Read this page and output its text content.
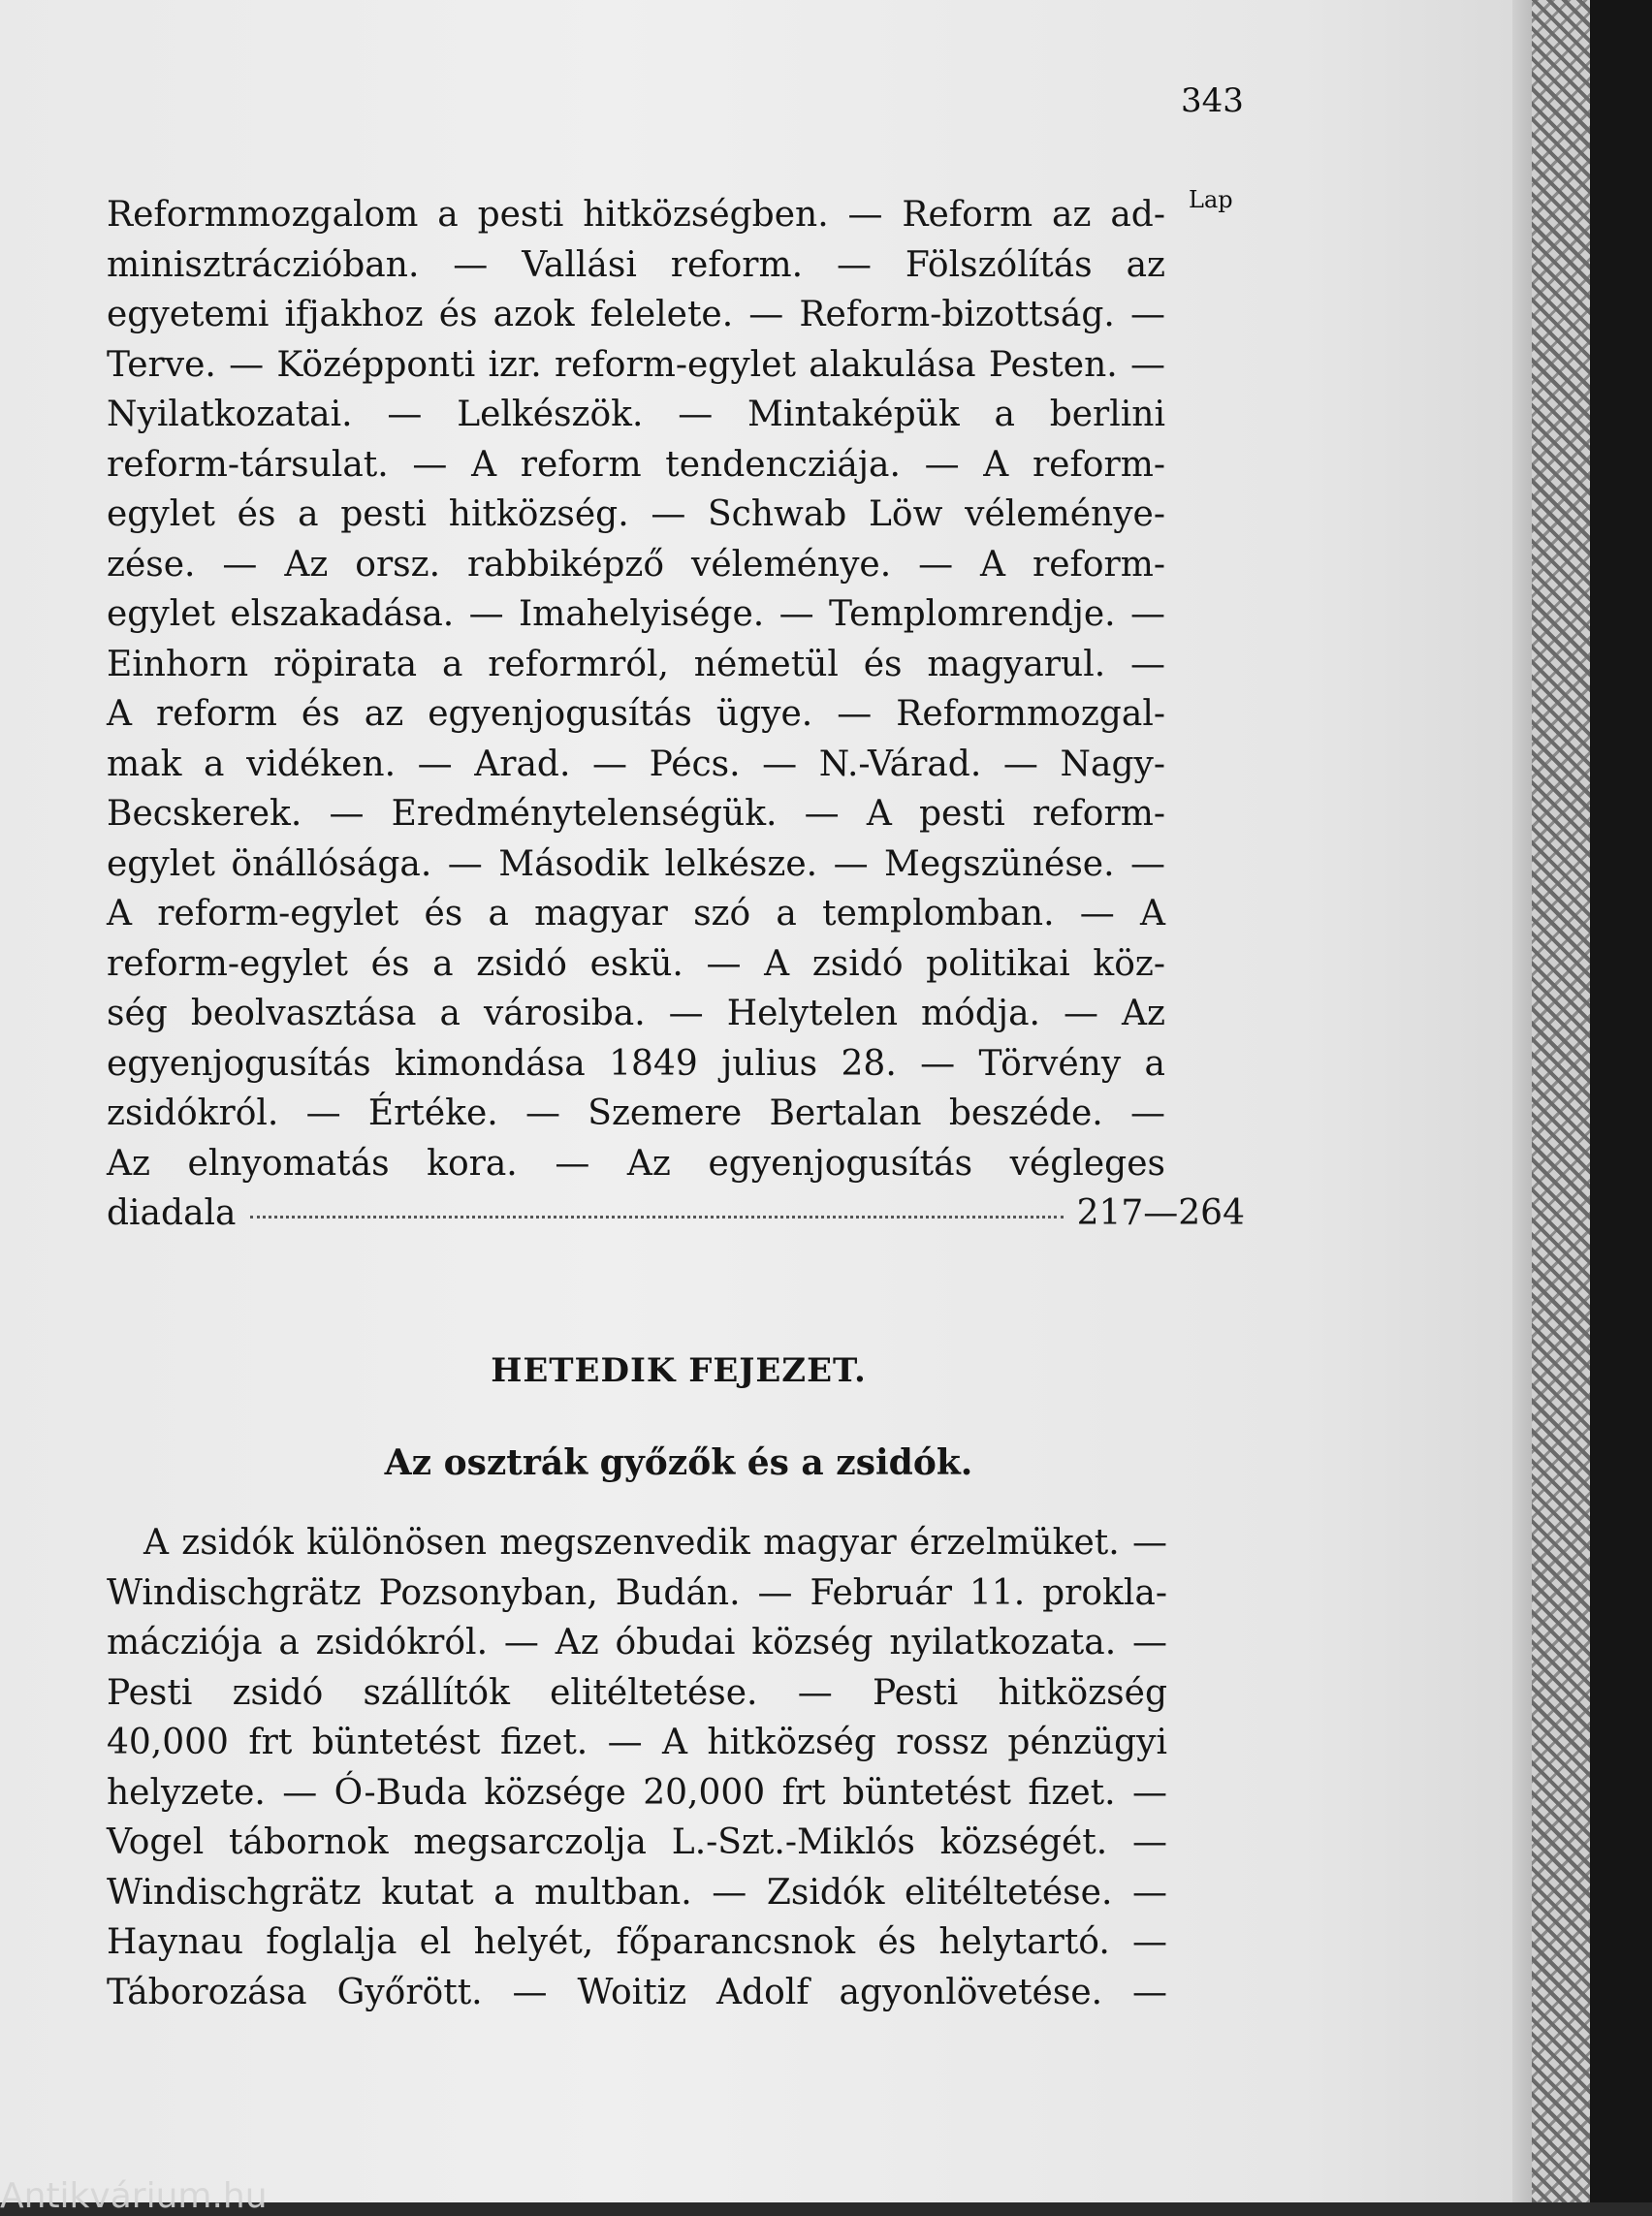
343
Lap
Reformmozgalom a pesti hitközségben. — Reform az ad-
minisztráczióban. — Vallási reform. — Fölszólítás az
egyetemi ifjakhoz és azok felelete. — Reform-bizottság. —
Terve. — Középponti izr. reform-egylet alakulása Pesten. —
Nyilatkozatai. — Lelkészök. — Mintaképük a berlini
reform-társulat. — A reform tendencziája. — A reform-
egylet és a pesti hitközség. — Schwab Löw véleménye-
zése. — Az orsz. rabbiképző véleménye. — A reform-
egylet elszakadása. — Imahelyisége. — Templomrendje. —
Einhorn röpirata a reformról, németül és magyarul. —
A reform és az egyenjogusítás ügye. — Reformmozgal-
mak a vidéken. — Arad. — Pécs. — N.-Várad. — Nagy-
Becskerek. — Eredménytelenségük. — A pesti reform-
egylet önállósága. — Második lelkésze. — Megszünése. —
A reform-egylet és a magyar szó a templomban. — A
reform-egylet és a zsidó eskü. — A zsidó politikai köz-
ség beolvasztása a városiba. — Helytelen módja. — Az
egyenjogusítás kimondása 1849 julius 28. — Törvény a
zsidókról. — Értéke. — Szemere Bertalan beszéde. —
Az elnyomatás kora. — Az egyenjogusítás végleges
diadala	217—264
HETEDIK FEJEZET.
Az osztrák győzők és a zsidók.
A zsidók különösen megszenvedik magyar érzelmüket. —
Windischgrätz Pozsonyban, Budán. — Február 11. prokla-
mácziója a zsidókról. — Az óbudai község nyilatkozata. —
Pesti zsidó szállítók elitéltetése. — Pesti hitközség
40,000 frt büntetést fizet. — A hitközség rossz pénzügyi
helyzete. — Ó-Buda községe 20,000 frt büntetést fizet. —
Vogel tábornok megsarczolja L.-Szt.-Miklós községét. —
Windischgrätz kutat a multban. — Zsidók elitéltetése. —
Haynau foglalja el helyét, főparancsnok és helytartó. —
Táborozása Győrött. — Woitiz Adolf agyonlövetése. —
Antikvárium.hu
